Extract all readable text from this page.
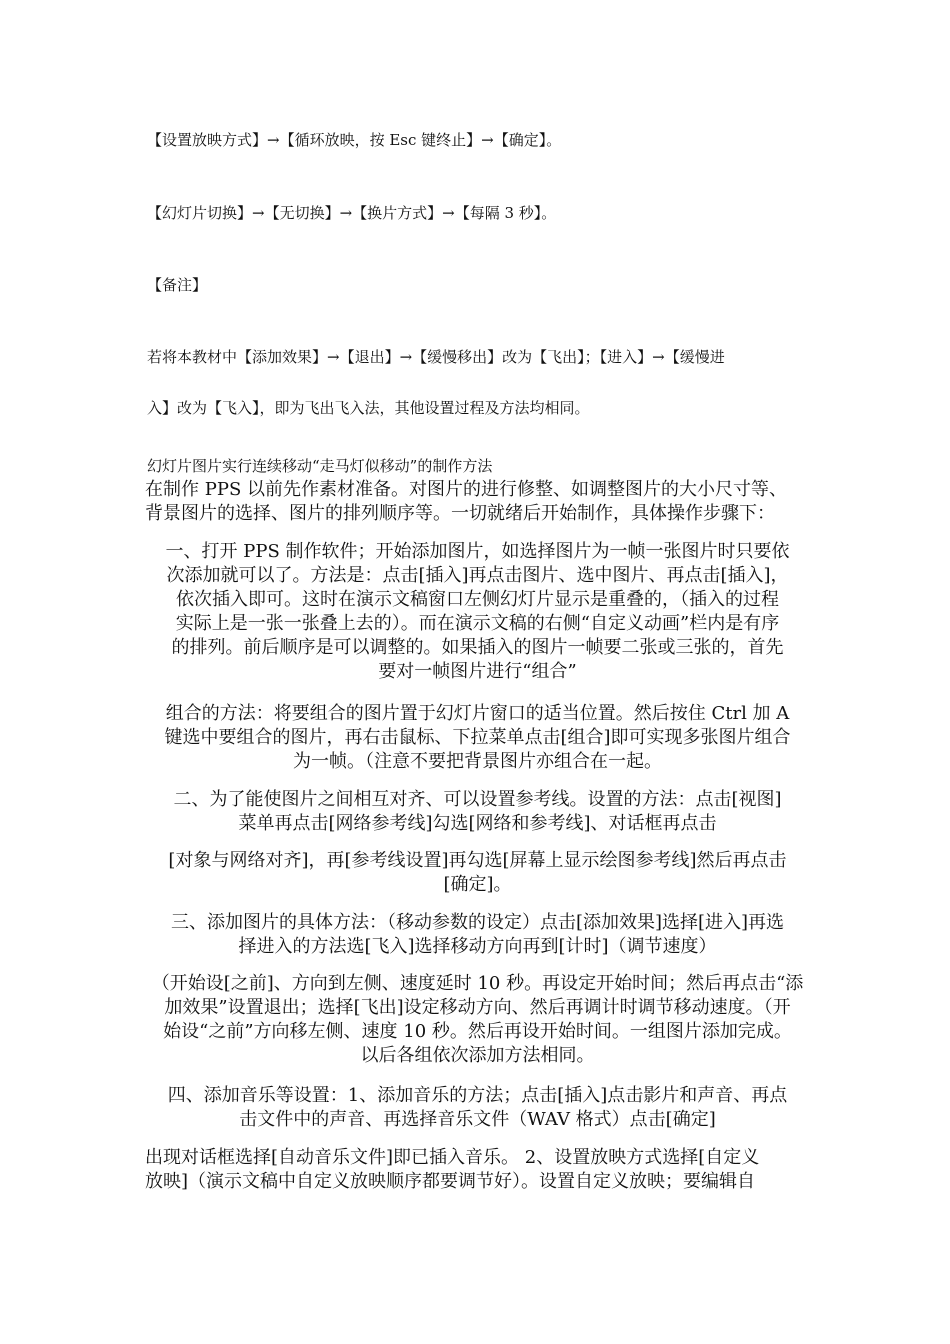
【设置放映方式】→【循环放映，按 Esc 键终止】→【确定】。
【幻灯片切换】→【无切换】→【换片方式】→【每隔 3 秒】。
【备注】
若将本教材中【添加效果】→【退出】→【缓慢移出】改为【飞出】；【进入】→【缓慢进
入】改为【飞入】，即为飞出飞入法，其他设置过程及方法均相同。
幻灯片图片实行连续移动“走马灯似移动”的制作方法
在制作 PPS 以前先作素材准备。对图片的进行修整、如调整图片的大小尺寸等、
背景图片的选择、图片的排列顺序等。一切就绪后开始制作，具体操作步骤下：
一、打开 PPS 制作软件；开始添加图片，如选择图片为一帧一张图片时只要依
次添加就可以了。方法是：点击[插入]再点击图片、选中图片、再点击[插入]，
依次插入即可。这时在演示文稿窗口左侧幻灯片显示是重叠的，（插入的过程
实际上是一张一张叠上去的）。而在演示文稿的右侧“自定义动画”栏内是有序
的排列。前后顺序是可以调整的。如果插入的图片一帧要二张或三张的，首先
要对一帧图片进行“组合”
组合的方法：将要组合的图片置于幻灯片窗口的适当位置。然后按住 Ctrl 加 A
键选中要组合的图片，再右击鼠标、下拉菜单点击[组合]即可实现多张图片组合
为一帧。（注意不要把背景图片亦组合在一起。
二、为了能使图片之间相互对齐、可以设置参考线。设置的方法：点击[视图]
菜单再点击[网络参考线]勾选[网络和参考线]、对话框再点击
[对象与网络对齐]，再[参考线设置]再勾选[屏幕上显示绘图参考线]然后再点击
[确定]。
三、添加图片的具体方法：（移动参数的设定）点击[添加效果]选择[进入]再选
择进入的方法选[飞入]选择移动方向再到[计时]（调节速度）
（开始设[之前]、方向到左侧、速度延时 10 秒。再设定开始时间；然后再点击“添
加效果”设置退出；选择[飞出]设定移动方向、然后再调计时调节移动速度。（开
始设“之前”方向移左侧、速度 10 秒。然后再设开始时间。一组图片添加完成。
以后各组依次添加方法相同。
四、添加音乐等设置：1、添加音乐的方法；点击[插入]点击影片和声音、再点
击文件中的声音、再选择音乐文件（WAV 格式）点击[确定]
出现对话框选择[自动音乐文件]即已插入音乐。 2、设置放映方式选择[自定义
放映]（演示文稿中自定义放映顺序都要调节好）。设置自定义放映；要编辑自
